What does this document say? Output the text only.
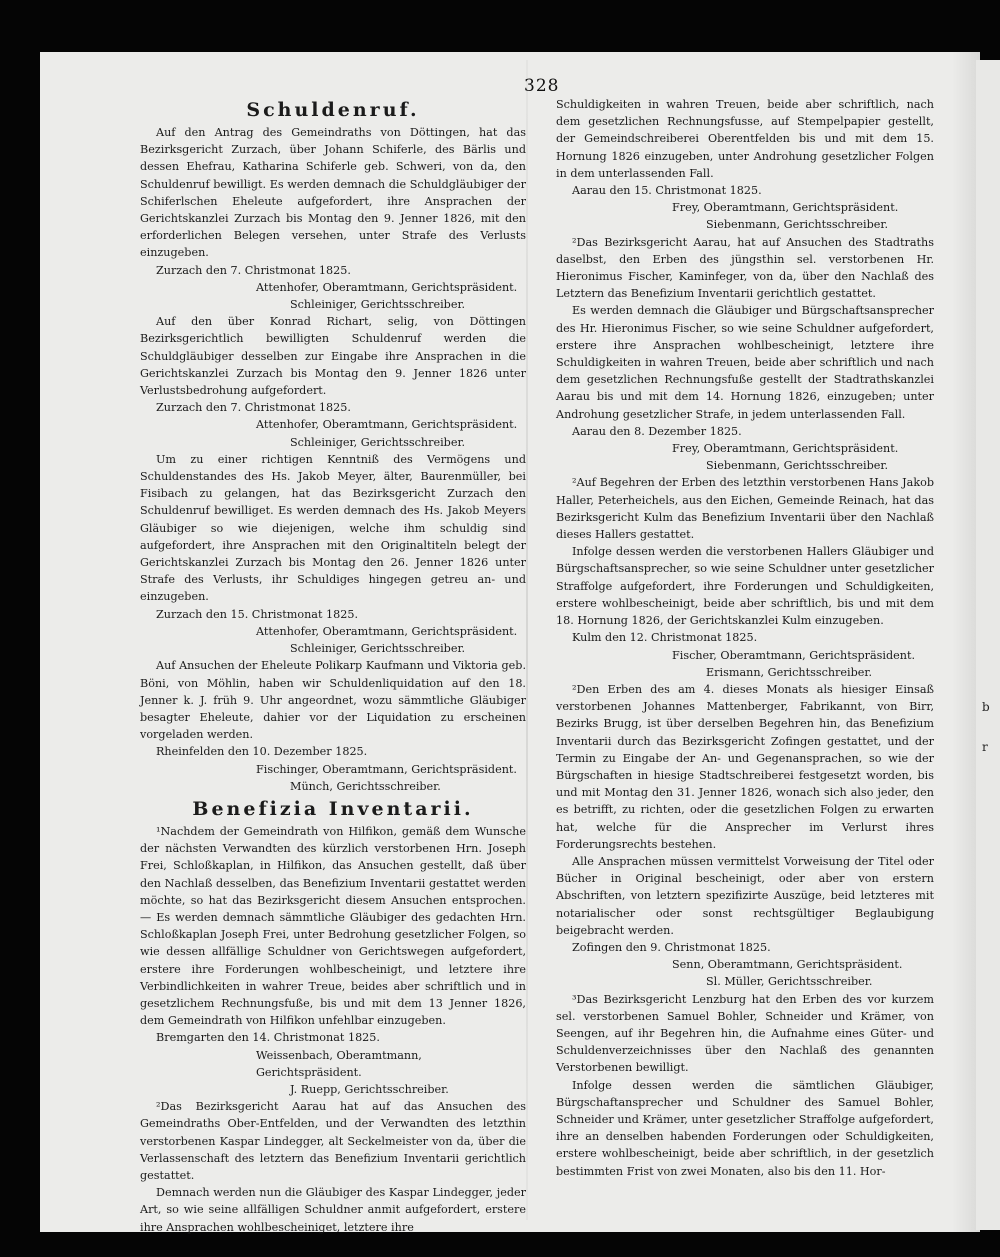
b
r
328

Schuldenruf.

Auf den Antrag des Gemeindraths von Döttingen, hat das Bezirksgericht Zurzach, über Johann Schiferle, des Bärlis und dessen Ehefrau, Katharina Schiferle geb. Schweri, von da, den Schuldenruf bewilligt. Es werden demnach die Schuldgläubiger der Schiferlschen Eheleute aufgefordert, ihre Ansprachen der Gerichtskanzlei Zurzach bis Montag den 9. Jenner 1826, mit den erforderlichen Belegen versehen, unter Strafe des Verlusts einzugeben.

Zurzach den 7. Christmonat 1825.

Attenhofer, Oberamtmann, Gerichtspräsident.

Schleiniger, Gerichtsschreiber.

Auf den über Konrad Richart, selig, von Döttingen Bezirksgerichtlich bewilligten Schuldenruf werden die Schuldgläubiger desselben zur Eingabe ihre Ansprachen in die Gerichtskanzlei Zurzach bis Montag den 9. Jenner 1826 unter Verlustsbedrohung aufgefordert.

Zurzach den 7. Christmonat 1825.

Attenhofer, Oberamtmann, Gerichtspräsident.

Schleiniger, Gerichtsschreiber.

Um zu einer richtigen Kenntniß des Vermögens und Schuldenstandes des Hs. Jakob Meyer, älter, Baurenmüller, bei Fisibach zu gelangen, hat das Bezirksgericht Zurzach den Schuldenruf bewilliget. Es werden demnach des Hs. Jakob Meyers Gläubiger so wie diejenigen, welche ihm schuldig sind aufgefordert, ihre Ansprachen mit den Originaltiteln belegt der Gerichtskanzlei Zurzach bis Montag den 26. Jenner 1826 unter Strafe des Verlusts, ihr Schuldiges hingegen getreu an- und einzugeben.

Zurzach den 15. Christmonat 1825.

Attenhofer, Oberamtmann, Gerichtspräsident.

Schleiniger, Gerichtsschreiber.

Auf Ansuchen der Eheleute Polikarp Kaufmann und Viktoria geb. Böni, von Möhlin, haben wir Schuldenliquidation auf den 18. Jenner k. J. früh 9. Uhr angeordnet, wozu sämmtliche Gläubiger besagter Eheleute, dahier vor der Liquidation zu erscheinen vorgeladen werden.

Rheinfelden den 10. Dezember 1825.

Fischinger, Oberamtmann, Gerichtspräsident.

Münch, Gerichtsschreiber.

Benefizia Inventarii.

¹Nachdem der Gemeindrath von Hilfikon, gemäß dem Wunsche der nächsten Verwandten des kürzlich verstorbenen Hrn. Joseph Frei, Schloßkaplan, in Hilfikon, das Ansuchen gestellt, daß über den Nachlaß desselben, das Benefizium Inventarii gestattet werden möchte, so hat das Bezirksgericht diesem Ansuchen entsprochen. — Es werden demnach sämmtliche Gläubiger des gedachten Hrn. Schloßkaplan Joseph Frei, unter Bedrohung gesetzlicher Folgen, so wie dessen allfällige Schuldner von Gerichtswegen aufgefordert, erstere ihre Forderungen wohlbescheinigt, und letztere ihre Verbindlichkeiten in wahrer Treue, beides aber schriftlich und in gesetzlichem Rechnungsfuße, bis und mit dem 13 Jenner 1826, dem Gemeindrath von Hilfikon unfehlbar einzugeben.

Bremgarten den 14. Christmonat 1825.

Weissenbach, Oberamtmann, Gerichtspräsident.

J. Ruepp, Gerichtsschreiber.

²Das Bezirksgericht Aarau hat auf das Ansuchen des Gemeindraths Ober-Entfelden, und der Verwandten des letzthin verstorbenen Kaspar Lindegger, alt Seckelmeister von da, über die Verlassenschaft des letztern das Benefizium Inventarii gerichtlich gestattet.

Demnach werden nun die Gläubiger des Kaspar Lindegger, jeder Art, so wie seine allfälligen Schuldner anmit aufgefordert, erstere ihre Ansprachen wohlbescheiniget, letztere ihre

Schuldigkeiten in wahren Treuen, beide aber schriftlich, nach dem gesetzlichen Rechnungsfusse, auf Stempelpapier gestellt, der Gemeindschreiberei Oberentfelden bis und mit dem 15. Hornung 1826 einzugeben, unter Androhung gesetzlicher Folgen in dem unterlassenden Fall.

Aarau den 15. Christmonat 1825.

Frey, Oberamtmann, Gerichtspräsident.

Siebenmann, Gerichtsschreiber.

²Das Bezirksgericht Aarau, hat auf Ansuchen des Stadtraths daselbst, den Erben des jüngsthin sel. verstorbenen Hr. Hieronimus Fischer, Kaminfeger, von da, über den Nachlaß des Letztern das Benefizium Inventarii gerichtlich gestattet.

Es werden demnach die Gläubiger und Bürgschaftsansprecher des Hr. Hieronimus Fischer, so wie seine Schuldner aufgefordert, erstere ihre Ansprachen wohlbescheinigt, letztere ihre Schuldigkeiten in wahren Treuen, beide aber schriftlich und nach dem gesetzlichen Rechnungsfuße gestellt der Stadtrathskanzlei Aarau bis und mit dem 14. Hornung 1826, einzugeben; unter Androhung gesetzlicher Strafe, in jedem unterlassenden Fall.

Aarau den 8. Dezember 1825.

Frey, Oberamtmann, Gerichtspräsident.

Siebenmann, Gerichtsschreiber.

²Auf Begehren der Erben des letzthin verstorbenen Hans Jakob Haller, Peterheichels, aus den Eichen, Gemeinde Reinach, hat das Bezirksgericht Kulm das Benefizium Inventarii über den Nachlaß dieses Hallers gestattet.

Infolge dessen werden die verstorbenen Hallers Gläubiger und Bürgschaftsansprecher, so wie seine Schuldner unter gesetzlicher Straffolge aufgefordert, ihre Forderungen und Schuldigkeiten, erstere wohlbescheinigt, beide aber schriftlich, bis und mit dem 18. Hornung 1826, der Gerichtskanzlei Kulm einzugeben.

Kulm den 12. Christmonat 1825.

Fischer, Oberamtmann, Gerichtspräsident.

Erismann, Gerichtsschreiber.

²Den Erben des am 4. dieses Monats als hiesiger Einsaß verstorbenen Johannes Mattenberger, Fabrikannt, von Birr, Bezirks Brugg, ist über derselben Begehren hin, das Benefizium Inventarii durch das Bezirksgericht Zofingen gestattet, und der Termin zu Eingabe der An- und Gegenansprachen, so wie der Bürgschaften in hiesige Stadtschreiberei festgesetzt worden, bis und mit Montag den 31. Jenner 1826, wonach sich also jeder, den es betrifft, zu richten, oder die gesetzlichen Folgen zu erwarten hat, welche für die Ansprecher im Verlurst ihres Forderungsrechts bestehen.

Alle Ansprachen müssen vermittelst Vorweisung der Titel oder Bücher in Original bescheinigt, oder aber von erstern Abschriften, von letztern spezifizirte Auszüge, beid letzteres mit notarialischer oder sonst rechtsgültiger Beglaubigung beigebracht werden.

Zofingen den 9. Christmonat 1825.

Senn, Oberamtmann, Gerichtspräsident.

Sl. Müller, Gerichtsschreiber.

³Das Bezirksgericht Lenzburg hat den Erben des vor kurzem sel. verstorbenen Samuel Bohler, Schneider und Krämer, von Seengen, auf ihr Begehren hin, die Aufnahme eines Güter- und Schuldenverzeichnisses über den Nachlaß des genannten Verstorbenen bewilligt.

Infolge dessen werden die sämtlichen Gläubiger, Bürgschaftansprecher und Schuldner des Samuel Bohler, Schneider und Krämer, unter gesetzlicher Straffolge aufgefordert, ihre an denselben habenden Forderungen oder Schuldigkeiten, erstere wohlbescheinigt, beide aber schriftlich, in der gesetzlich bestimmten Frist von zwei Monaten, also bis den 11. Hor-
